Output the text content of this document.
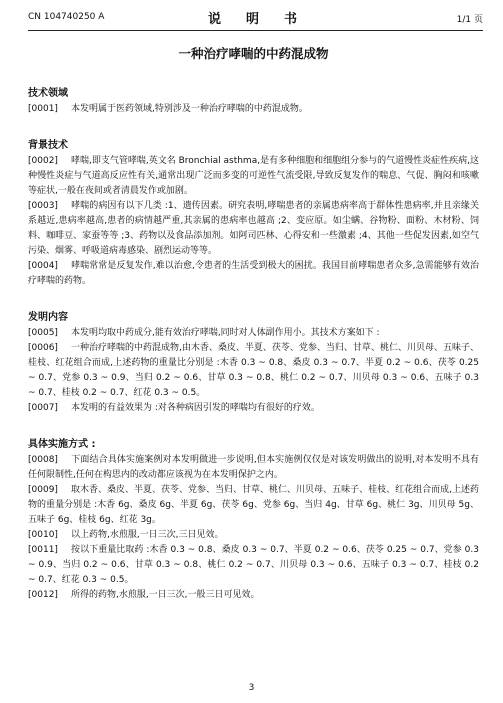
CN 104740250 A	说　明　书	1/1 页
一种治疗哮喘的中药混成物
技术领域

[0001]　 本发明属于医药领域,特别涉及一种治疗哮喘的中药混成物。

背景技术

[0002]　 哮喘,即支气管哮喘,英文名 Bronchial asthma,是有多种细胞和细胞组分参与的气道慢性炎症性疾病,这种慢性炎症与气道高反应性有关,通常出现广泛而多变的可逆性气流受限,导致反复发作的喘息、气促、胸闷和咳嗽等症状,一般在夜间或者清晨发作或加剧。

[0003]　 哮喘的病因有以下几类 :1、遗传因素。研究表明,哮喘患者的亲属患病率高于群体性患病率,并且亲缘关系越近,患病率越高,患者的病情越严重,其亲属的患病率也越高 ;2、变应原。如尘螨、谷物粉、面粉、木材粉、饲料、咖啡豆、家蚕等等 ;3、药物以及食品添加剂。如阿司匹林、心得安和一些激素 ;4、其他一些促发因素,如空气污染、烟雾、呼吸道病毒感染、剧烈运动等等。

[0004]　 哮喘常常是反复发作,难以治愈,令患者的生活受到极大的困扰。我国目前哮喘患者众多,急需能够有效治疗哮喘的药物。

发明内容

[0005]　 本发明均取中药成分,能有效治疗哮喘,同时对人体副作用小。其技术方案如下 :

[0006]　 一种治疗哮喘的中药混成物,由木香、桑皮、半夏、茯苓、党参、当归、甘草、桃仁、川贝母、五味子、桂枝、红花组合而成,上述药物的重量比分别是 :木香 0.3 ~ 0.8、桑皮 0.3 ~ 0.7、半夏 0.2 ~ 0.6、茯苓 0.25 ~ 0.7、党参 0.3 ~ 0.9、当归 0.2 ~ 0.6、甘草 0.3 ~ 0.8、桃仁 0.2 ~ 0.7、川贝母 0.3 ~ 0.6、五味子 0.3 ~ 0.7、桂枝 0.2 ~ 0.7、红花 0.3 ~ 0.5。

[0007]　 本发明的有益效果为 :对各种病因引发的哮喘均有很好的疗效。

具体实施方式 :

[0008]　 下面结合具体实施案例对本发明做进一步说明,但本实施例仅仅是对该发明做出的说明,对本发明不具有任何限制性,任何在构思内的改动都应该视为在本发明保护之内。

[0009]　 取木香、桑皮、半夏、茯苓、党参、当归、甘草、桃仁、川贝母、五味子、桂枝、红花组合而成,上述药物的重量分别是 :木香 6g、桑皮 6g、半夏 6g、茯苓 6g、党参 6g、当归 4g、甘草 6g、桃仁 3g、川贝母 5g、五味子 6g、桂枝 6g、红花 3g。

[0010]　 以上药物,水煎服,一日三次,三日见效。

[0011]　 按以下重量比取药 :木香 0.3 ~ 0.8、桑皮 0.3 ~ 0.7、半夏 0.2 ~ 0.6、茯苓 0.25 ~ 0.7、党参 0.3 ~ 0.9、当归 0.2 ~ 0.6、甘草 0.3 ~ 0.8、桃仁 0.2 ~ 0.7、川贝母 0.3 ~ 0.6、五味子 0.3 ~ 0.7、桂枝 0.2 ~ 0.7、红花 0.3 ~ 0.5。

[0012]　 所得的药物,水煎服,一日三次,一般三日可见效。

3
